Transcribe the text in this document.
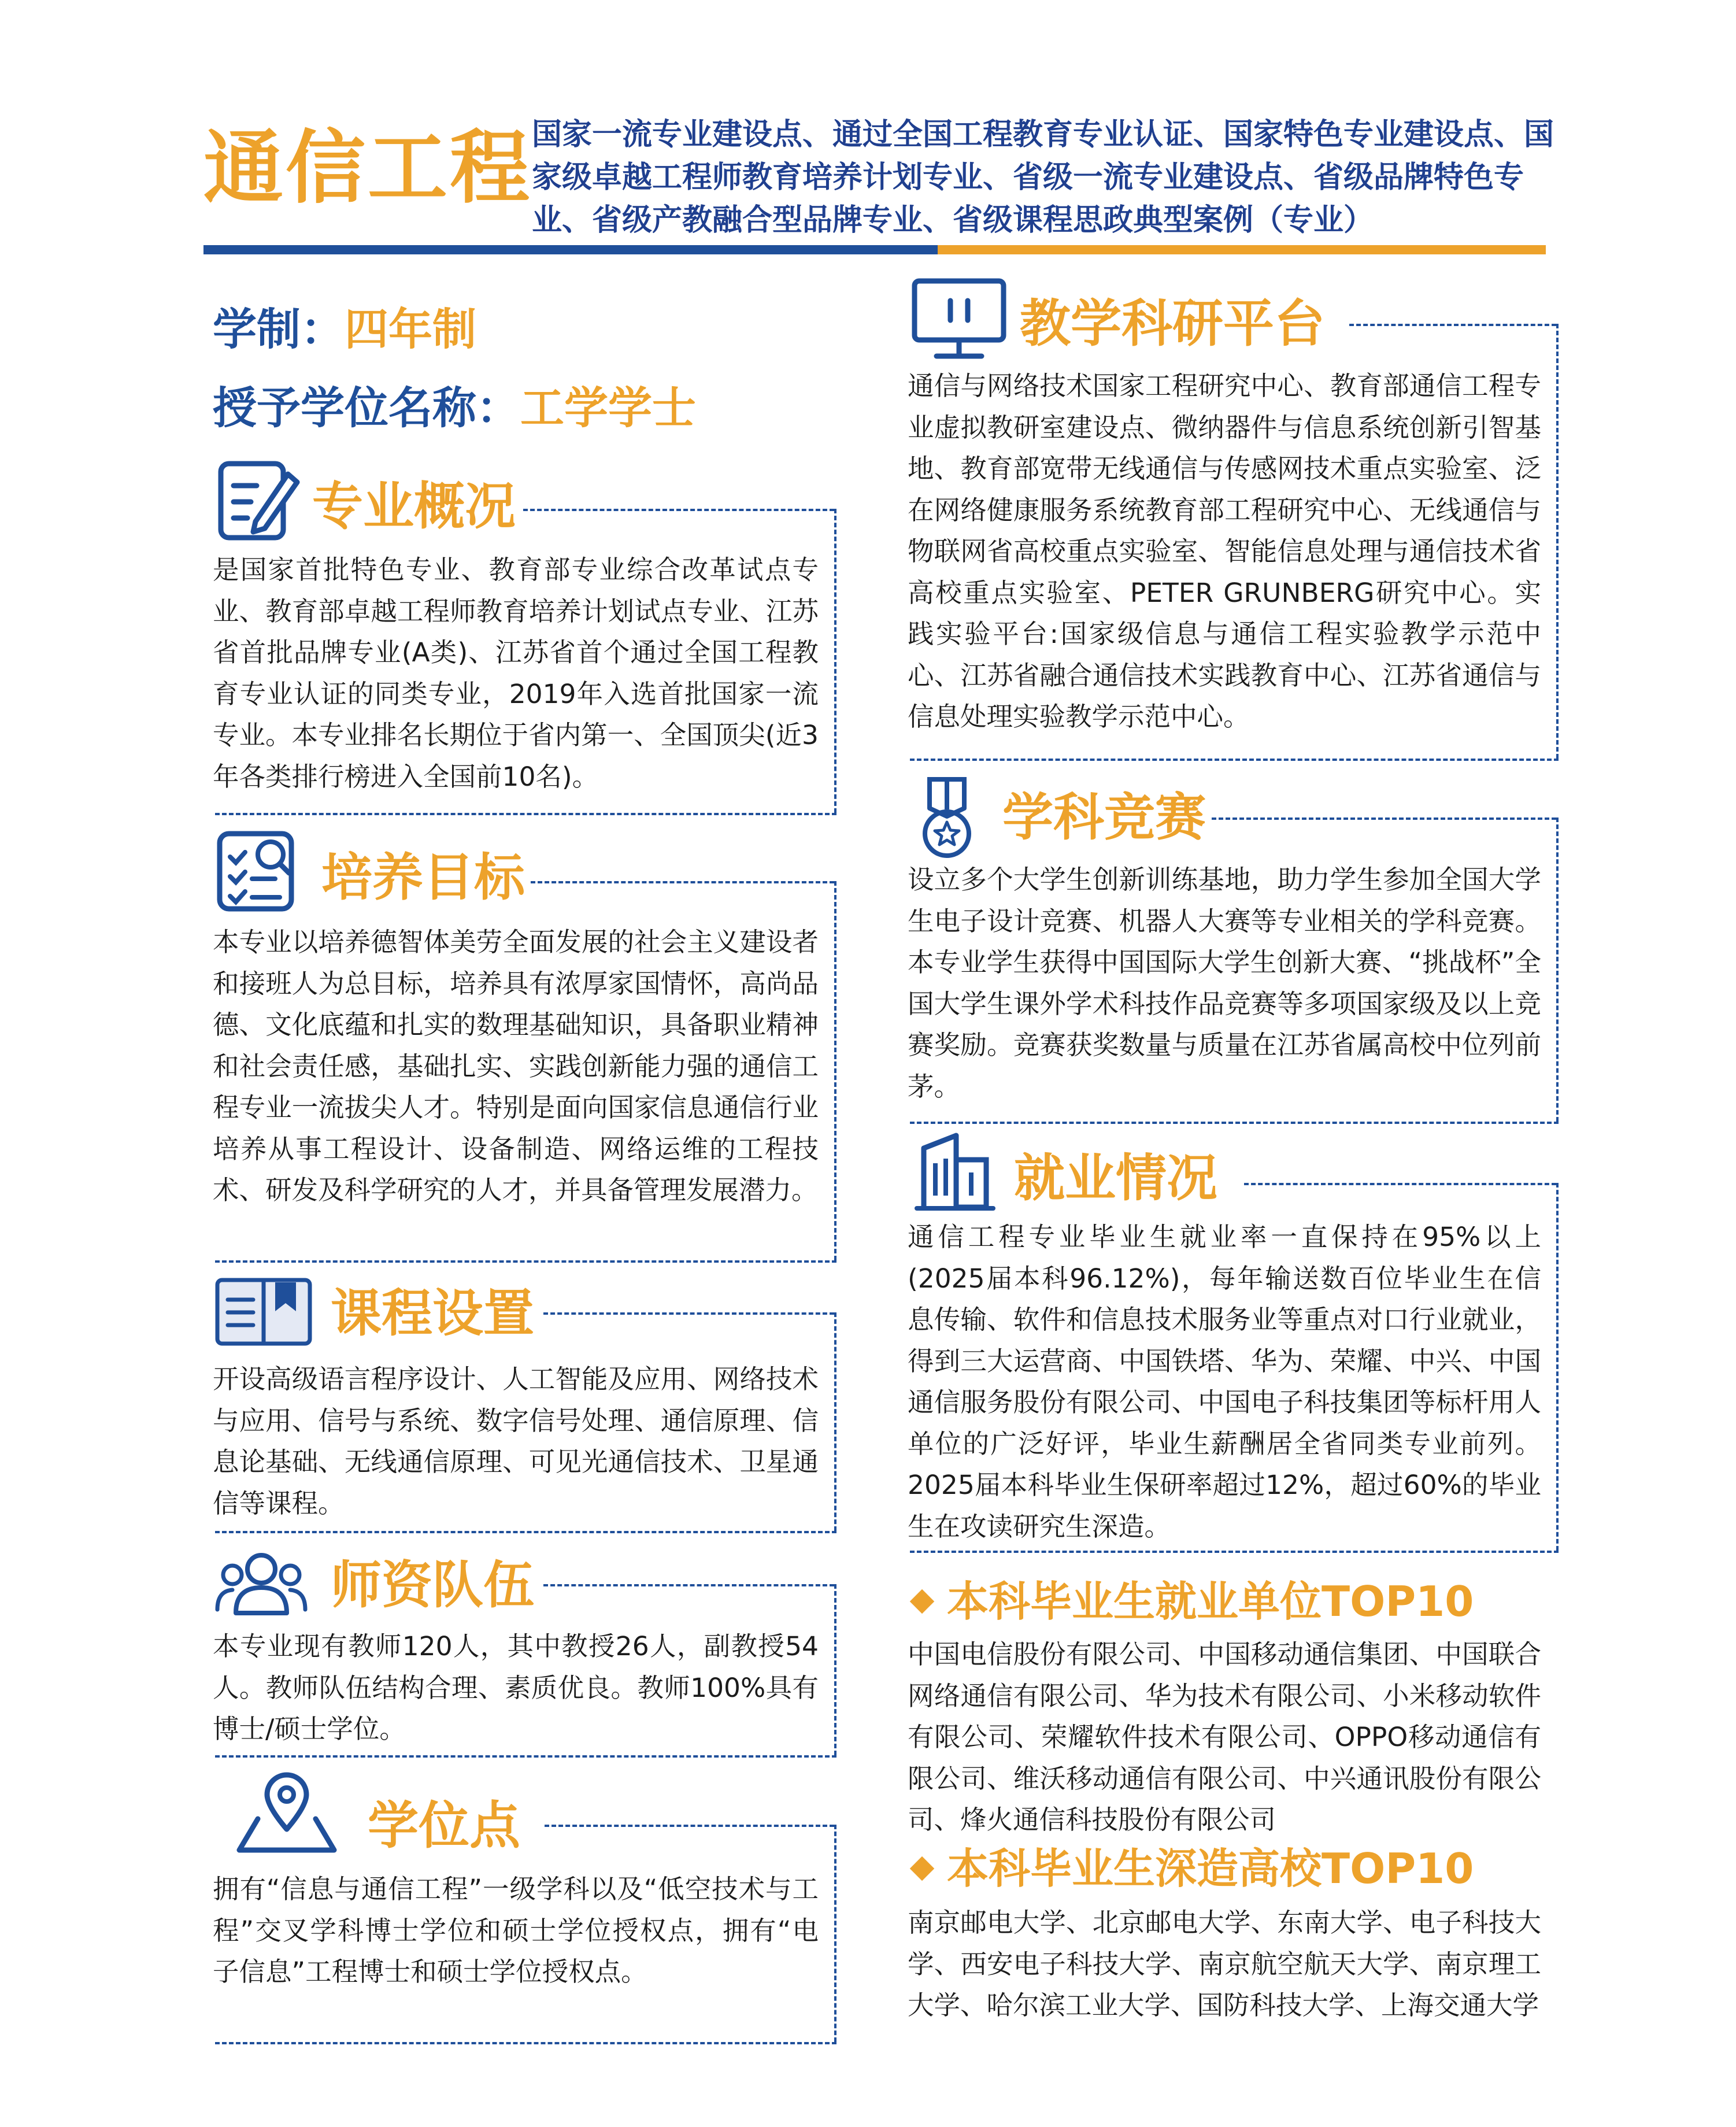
通信工程 国家一流专业建设点、通过全国工程教育专业认证、国家特色专业建设点、国家级卓越工程师教育培养计划专业、省级一流专业建设点、省级品牌特色专业、省级产教融合型品牌专业、省级课程思政典型案例（专业）
学制：四年制
授予学位名称：工学学士
专业概况
是国家首批特色专业、教育部专业综合改革试点专业、教育部卓越工程师教育培养计划试点专业、江苏省首批品牌专业(A类)、江苏省首个通过全国工程教育专业认证的同类专业，2019年入选首批国家一流专业。本专业排名长期位于省内第一、全国顶尖(近3年各类排行榜进入全国前10名)。
培养目标
本专业以培养德智体美劳全面发展的社会主义建设者和接班人为总目标，培养具有浓厚家国情怀，高尚品德、文化底蕴和扎实的数理基础知识，具备职业精神和社会责任感，基础扎实、实践创新能力强的通信工程专业一流拔尖人才。特别是面向国家信息通信行业培养从事工程设计、设备制造、网络运维的工程技术、研发及科学研究的人才，并具备管理发展潜力。
课程设置
开设高级语言程序设计、人工智能及应用、网络技术与应用、信号与系统、数字信号处理、通信原理、信息论基础、无线通信原理、可见光通信技术、卫星通信等课程。
师资队伍
本专业现有教师120人，其中教授26人，副教授54人。教师队伍结构合理、素质优良。教师100%具有博士/硕士学位。
学位点
拥有“信息与通信工程”一级学科以及“低空技术与工程”交叉学科博士学位和硕士学位授权点，拥有“电子信息”工程博士和硕士学位授权点。
教学科研平台
通信与网络技术国家工程研究中心、教育部通信工程专业虚拟教研室建设点、微纳器件与信息系统创新引智基地、教育部宽带无线通信与传感网技术重点实验室、泛在网络健康服务系统教育部工程研究中心、无线通信与物联网省高校重点实验室、智能信息处理与通信技术省高校重点实验室、PETER GRUNBERG研究中心。实践实验平台:国家级信息与通信工程实验教学示范中心、江苏省融合通信技术实践教育中心、江苏省通信与信息处理实验教学示范中心。
学科竞赛
设立多个大学生创新训练基地，助力学生参加全国大学生电子设计竞赛、机器人大赛等专业相关的学科竞赛。本专业学生获得中国国际大学生创新大赛、“挑战杯”全国大学生课外学术科技作品竞赛等多项国家级及以上竞赛奖励。竞赛获奖数量与质量在江苏省属高校中位列前茅。
就业情况
通信工程专业毕业生就业率一直保持在95%以上(2025届本科96.12%)，每年输送数百位毕业生在信息传输、软件和信息技术服务业等重点对口行业就业，得到三大运营商、中国铁塔、华为、荣耀、中兴、中国通信服务股份有限公司、中国电子科技集团等标杆用人单位的广泛好评，毕业生薪酬居全省同类专业前列。2025届本科毕业生保研率超过12%，超过60%的毕业生在攻读研究生深造。
本科毕业生就业单位TOP10
中国电信股份有限公司、中国移动通信集团、中国联合网络通信有限公司、华为技术有限公司、小米移动软件有限公司、荣耀软件技术有限公司、OPPO移动通信有限公司、维沃移动通信有限公司、中兴通讯股份有限公司、烽火通信科技股份有限公司
本科毕业生深造高校TOP10
南京邮电大学、北京邮电大学、东南大学、电子科技大学、西安电子科技大学、南京航空航天大学、南京理工大学、哈尔滨工业大学、国防科技大学、上海交通大学
